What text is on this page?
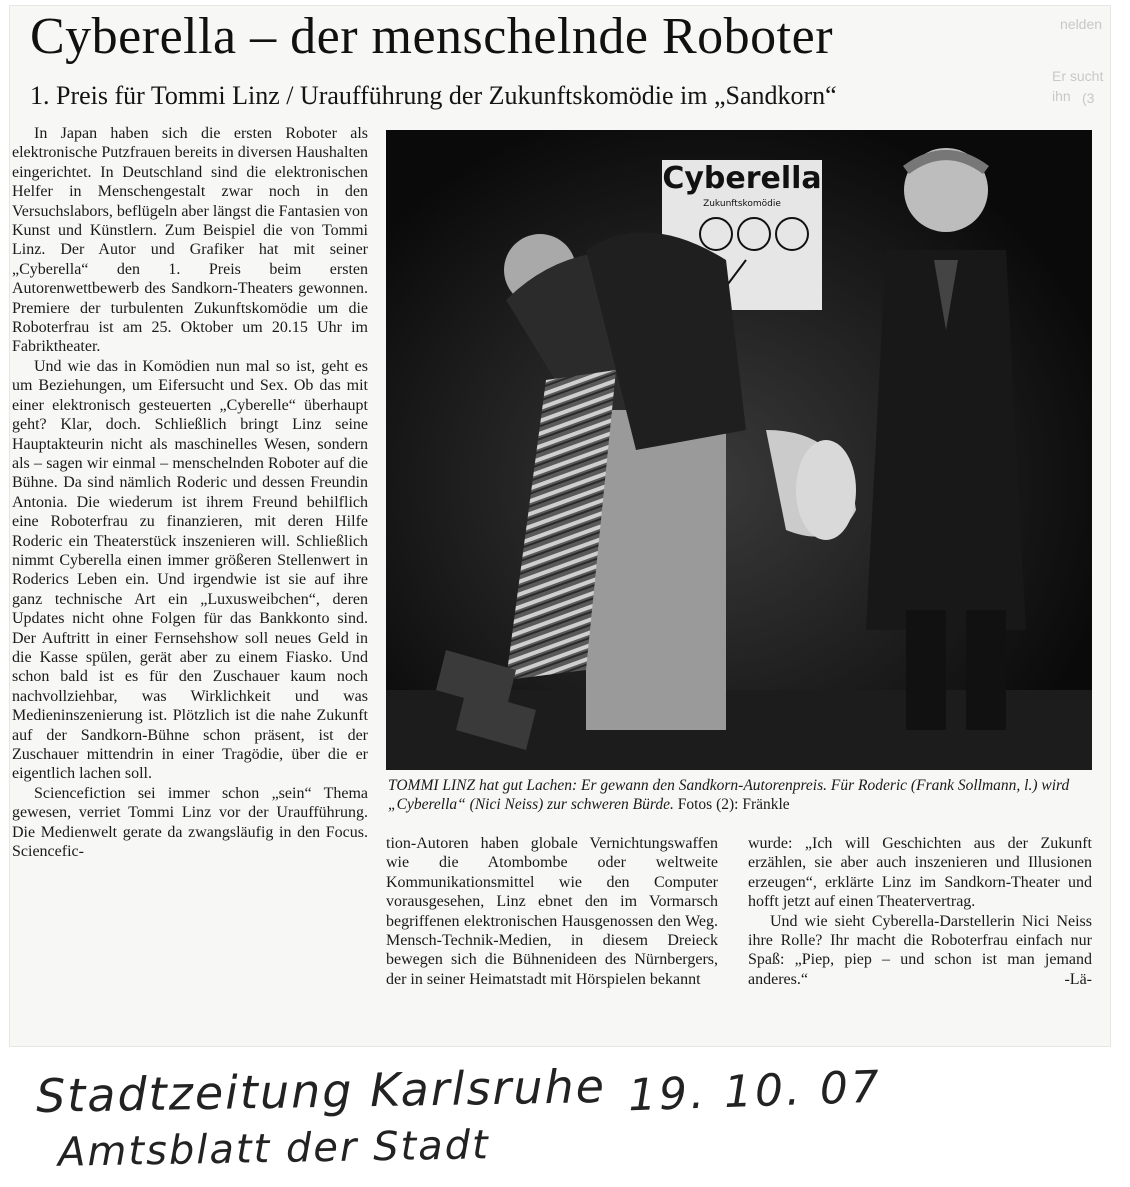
Er sucht ihn (3
nelden
Cyberella – der menschelnde Roboter
1. Preis für Tommi Linz / Uraufführung der Zukunftskomödie im „Sandkorn“

In Japan haben sich die ersten Roboter als elektronische Putzfrauen bereits in diversen Haushalten eingerichtet. In Deutschland sind die elektronischen Helfer in Menschengestalt zwar noch in den Versuchslabors, beflügeln aber längst die Fantasien von Kunst und Künstlern. Zum Beispiel die von Tommi Linz. Der Autor und Grafiker hat mit seiner „Cyberella“ den 1. Preis beim ersten Autorenwettbewerb des Sandkorn-Theaters gewonnen. Premiere der turbulenten Zukunftskomödie um die Roboterfrau ist am 25. Oktober um 20.15 Uhr im Fabriktheater.

Und wie das in Komödien nun mal so ist, geht es um Beziehungen, um Eifersucht und Sex. Ob das mit einer elektronisch gesteuerten „Cyberelle“ überhaupt geht? Klar, doch. Schließlich bringt Linz seine Hauptakteurin nicht als maschinelles Wesen, sondern als – sagen wir einmal – menschelnden Roboter auf die Bühne. Da sind nämlich Roderic und dessen Freundin Antonia. Die wiederum ist ihrem Freund behilflich eine Roboterfrau zu finanzieren, mit deren Hilfe Roderic ein Theaterstück inszenieren will. Schließlich nimmt Cyberella einen immer größeren Stellenwert in Roderics Leben ein. Und irgendwie ist sie auf ihre ganz technische Art ein „Luxusweibchen“, deren Updates nicht ohne Folgen für das Bankkonto sind. Der Auftritt in einer Fernsehshow soll neues Geld in die Kasse spülen, gerät aber zu einem Fiasko. Und schon bald ist es für den Zuschauer kaum noch nachvollziehbar, was Wirklichkeit und was Medieninszenierung ist. Plötzlich ist die nahe Zukunft auf der Sandkorn-Bühne schon präsent, ist der Zuschauer mittendrin in einer Tragödie, über die er eigentlich lachen soll.

Sciencefiction sei immer schon „sein“ Thema gewesen, verriet Tommi Linz vor der Uraufführung. Die Medienwelt gerate da zwangsläufig in den Focus. Sciencefic-

Cyberella
Zukunftskomödie
TOMMI LINZ hat gut Lachen: Er gewann den Sandkorn-Autorenpreis. Für Roderic (Frank Sollmann, l.) wird „Cyberella“ (Nici Neiss) zur schweren Bürde. Fotos (2): Fränkle

tion-Autoren haben globale Vernichtungswaffen wie die Atombombe oder weltweite Kommunikationsmittel wie den Computer vorausgesehen, Linz ebnet den im Vormarsch begriffenen elektronischen Hausgenossen den Weg. Mensch-Technik-Medien, in diesem Dreieck bewegen sich die Bühnenideen des Nürnbergers, der in seiner Heimatstadt mit Hörspielen bekannt

wurde: „Ich will Geschichten aus der Zukunft erzählen, sie aber auch inszenieren und Illusionen erzeugen“, erklärte Linz im Sandkorn-Theater und hofft jetzt auf einen Theatervertrag.

Und wie sieht Cyberella-Darstellerin Nici Neiss ihre Rolle? Ihr macht die Roboterfrau einfach nur Spaß: „Piep, piep – und schon ist man jemand anderes.“ -Lä-

Stadtzeitung Karlsruhe 19. 10. 07
Amtsblatt der Stadt
